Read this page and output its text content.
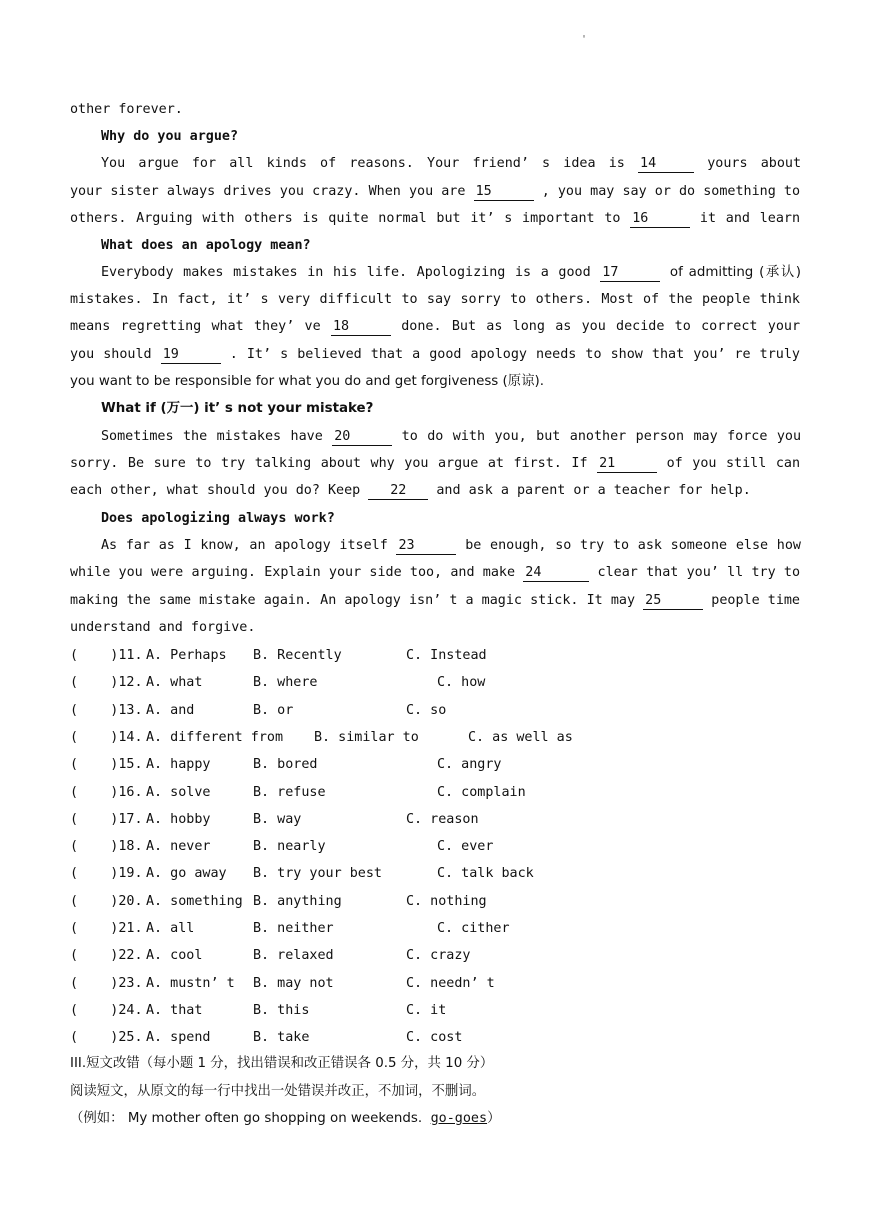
'
other forever.
Why do you argue?
You argue for all kinds of reasons. Your friend’ s idea is 14	yours about
your sister always drives you crazy. When you are 15	, you may say or do something to
others. Arguing with others is quite normal but it’ s important to 16	it and learn
What does an apology mean?
Everybody makes mistakes in his life. Apologizing is a good 17	of admitting (承认)
mistakes. In fact, it’ s very difficult to say sorry to others. Most of the people think
means regretting what they’ ve 18	done. But as long as you decide to correct your
you should 19	. It’ s believed that a good apology needs to show that you’ re truly
you want to be responsible for what you do and get forgiveness (原谅).
What if (万一) it’ s not your mistake?
Sometimes the mistakes have 20	to do with you, but another person may force you
sorry. Be sure to try talking about why you argue at first. If 21	of you still can
each other, what should you do? Keep 22 and ask a parent or a teacher for help.
Does apologizing always work?
As far as I know, an apology itself 23	be enough, so try to ask someone else how
while you were arguing. Explain your side too, and make 24	clear that you’ ll try to
making the same mistake again. An apology isn’ t a magic stick. It may 25	people time
understand and forgive.
(    )11. A. Perhaps B. Recently	C. Instead
(    )12. A. what	B. where	C. how
(    )13. A. and	B. or	C. so
(    )14. A. different from B. similar to	C. as well as
(    )15. A. happy	B. bored	C. angry
(    )16. A. solve	B. refuse	C. complain
(    )17. A. hobby	B. way	C. reason
(    )18. A. never	B. nearly	C. ever
(    )19. A. go away B. try your best	C. talk back
(    )20. A. something B. anything	C. nothing
(    )21. A. all	B. neither	C. cither
(    )22. A. cool	B. relaxed	C. crazy
(    )23. A. mustn’ t B. may not	C. needn’ t
(    )24. A. that	B. this	C. it
(    )25. A. spend	B. take	C. cost
III.短文改错（每小题 1 分，找出错误和改正错误各 0.5 分，共 10 分）
阅读短文，从原文的每一行中找出一处错误并改正，不加词，不删词。
（例如： My mother often go shopping on weekends.  go-goes）
